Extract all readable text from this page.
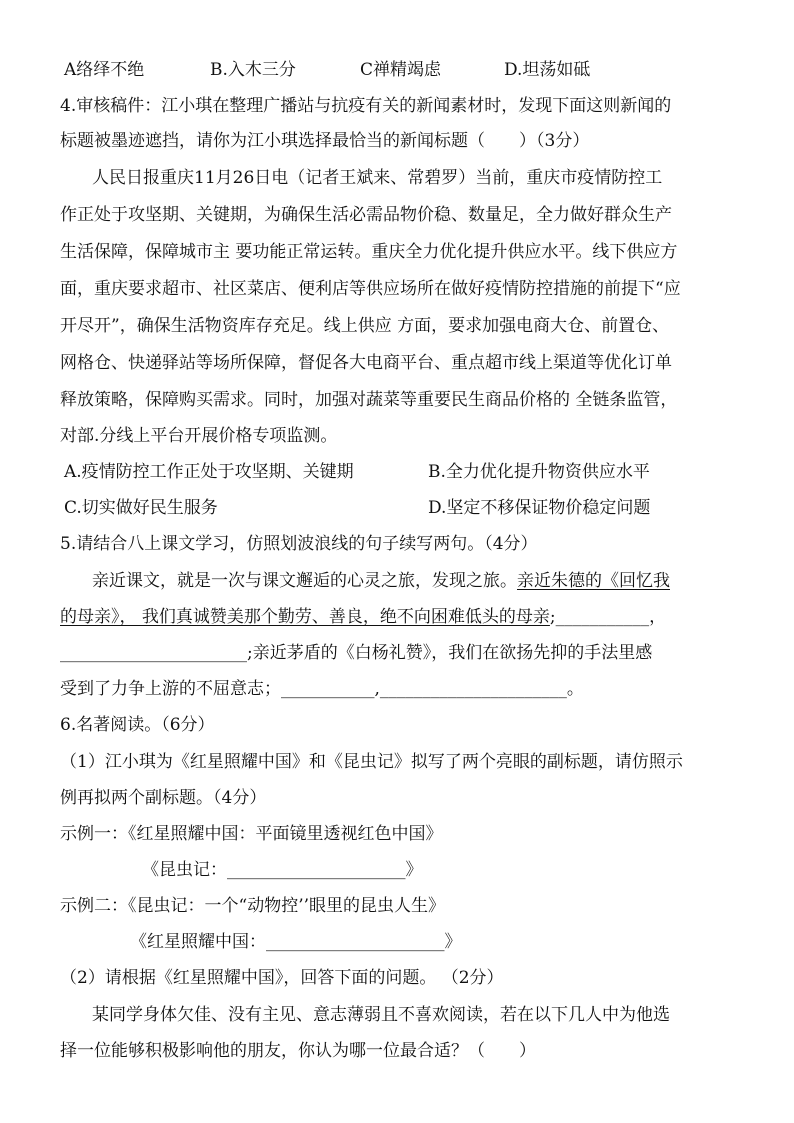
A络绎不绝	B.入木三分	C禅精竭虑	D.坦荡如砥
4.审核稿件：江小琪在整理广播站与抗疫有关的新闻素材时，发现下面这则新闻的
标题被墨迹遮挡，请你为江小琪选择最恰当的新闻标题（　　）（3分）
人民日报重庆11月26日电（记者王斌来、常碧罗）当前，重庆市疫情防控工
作正处于攻坚期、关键期，为确保生活必需品物价稳、数量足，全力做好群众生产
生活保障，保障城市主 要功能正常运转。重庆全力优化提升供应水平。线下供应方
面，重庆要求超市、社区菜店、便利店等供应场所在做好疫情防控措施的前提下“应
开尽开”，确保生活物资库存充足。线上供应 方面，要求加强电商大仓、前置仓、
网格仓、快递驿站等场所保障，督促各大电商平台、重点超市线上渠道等优化订单
释放策略，保障购买需求。同时，加强对蔬菜等重要民生商品价格的 全链条监管，
对部.分线上平台开展价格专项监测。
A.疫情防控工作正处于攻坚期、关键期	B.全力优化提升物资供应水平
C.切实做好民生服务	D.坚定不移保证物价稳定问题
5.请结合八上课文学习，仿照划波浪线的句子续写两句。（4分）
亲近课文，就是一次与课文邂逅的心灵之旅，发现之旅。亲近朱德的《回忆我
的母亲》， 我们真诚赞美那个勤劳、善良，绝不向困难低头的母亲;___________，
______________________;亲近茅盾的《白杨礼赞》，我们在欲扬先抑的手法里感
受到了力争上游的不屈意志；___________,______________________。
6.名著阅读。（6分）
（1）江小琪为《红星照耀中国》和《昆虫记》拟写了两个亮眼的副标题，请仿照示
例再拟两个副标题。（4分）
示例一：《红星照耀中国：平面镜里透视红色中国》
《昆虫记：_____________________》
示例二：《昆虫记：一个“动物控’’眼里的昆虫人生》
《红星照耀中国：_____________________》
（2）请根据《红星照耀中国》，回答下面的问题。 （2分）
某同学身体欠佳、没有主见、意志薄弱且不喜欢阅读，若在以下几人中为他选
择一位能够积极影响他的朋友，你认为哪一位最合适？（　　）
